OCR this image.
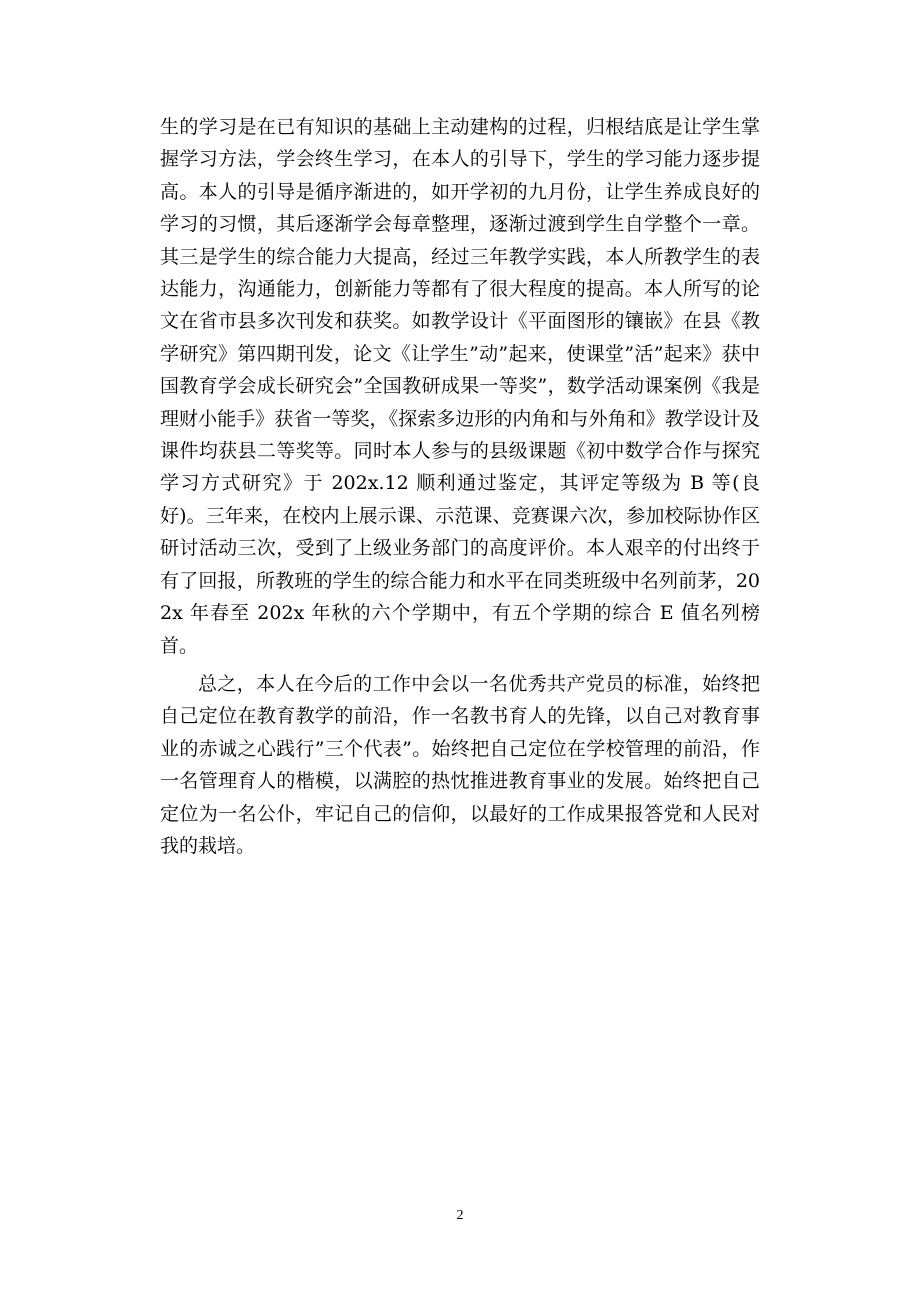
生的学习是在已有知识的基础上主动建构的过程，归根结底是让学生掌握学习方法，学会终生学习，在本人的引导下，学生的学习能力逐步提高。本人的引导是循序渐进的，如开学初的九月份，让学生养成良好的学习的习惯，其后逐渐学会每章整理，逐渐过渡到学生自学整个一章。其三是学生的综合能力大提高，经过三年教学实践，本人所教学生的表达能力，沟通能力，创新能力等都有了很大程度的提高。本人所写的论文在省市县多次刊发和获奖。如教学设计《平面图形的镶嵌》在县《教学研究》第四期刊发，论文《让学生”动”起来，使课堂”活”起来》获中国教育学会成长研究会”全国教研成果一等奖”，数学活动课案例《我是理财小能手》获省一等奖，《探索多边形的内角和与外角和》教学设计及课件均获县二等奖等。同时本人参与的县级课题《初中数学合作与探究学习方式研究》于 202x.12 顺利通过鉴定，其评定等级为 B 等(良好)。三年来，在校内上展示课、示范课、竞赛课六次，参加校际协作区研讨活动三次，受到了上级业务部门的高度评价。本人艰辛的付出终于有了回报，所教班的学生的综合能力和水平在同类班级中名列前茅，202x 年春至 202x 年秋的六个学期中，有五个学期的综合 E 值名列榜首。

总之，本人在今后的工作中会以一名优秀共产党员的标准，始终把自己定位在教育教学的前沿，作一名教书育人的先锋，以自己对教育事业的赤诚之心践行”三个代表”。始终把自己定位在学校管理的前沿，作一名管理育人的楷模，以满腔的热忱推进教育事业的发展。始终把自己定位为一名公仆，牢记自己的信仰，以最好的工作成果报答党和人民对我的栽培。

2
